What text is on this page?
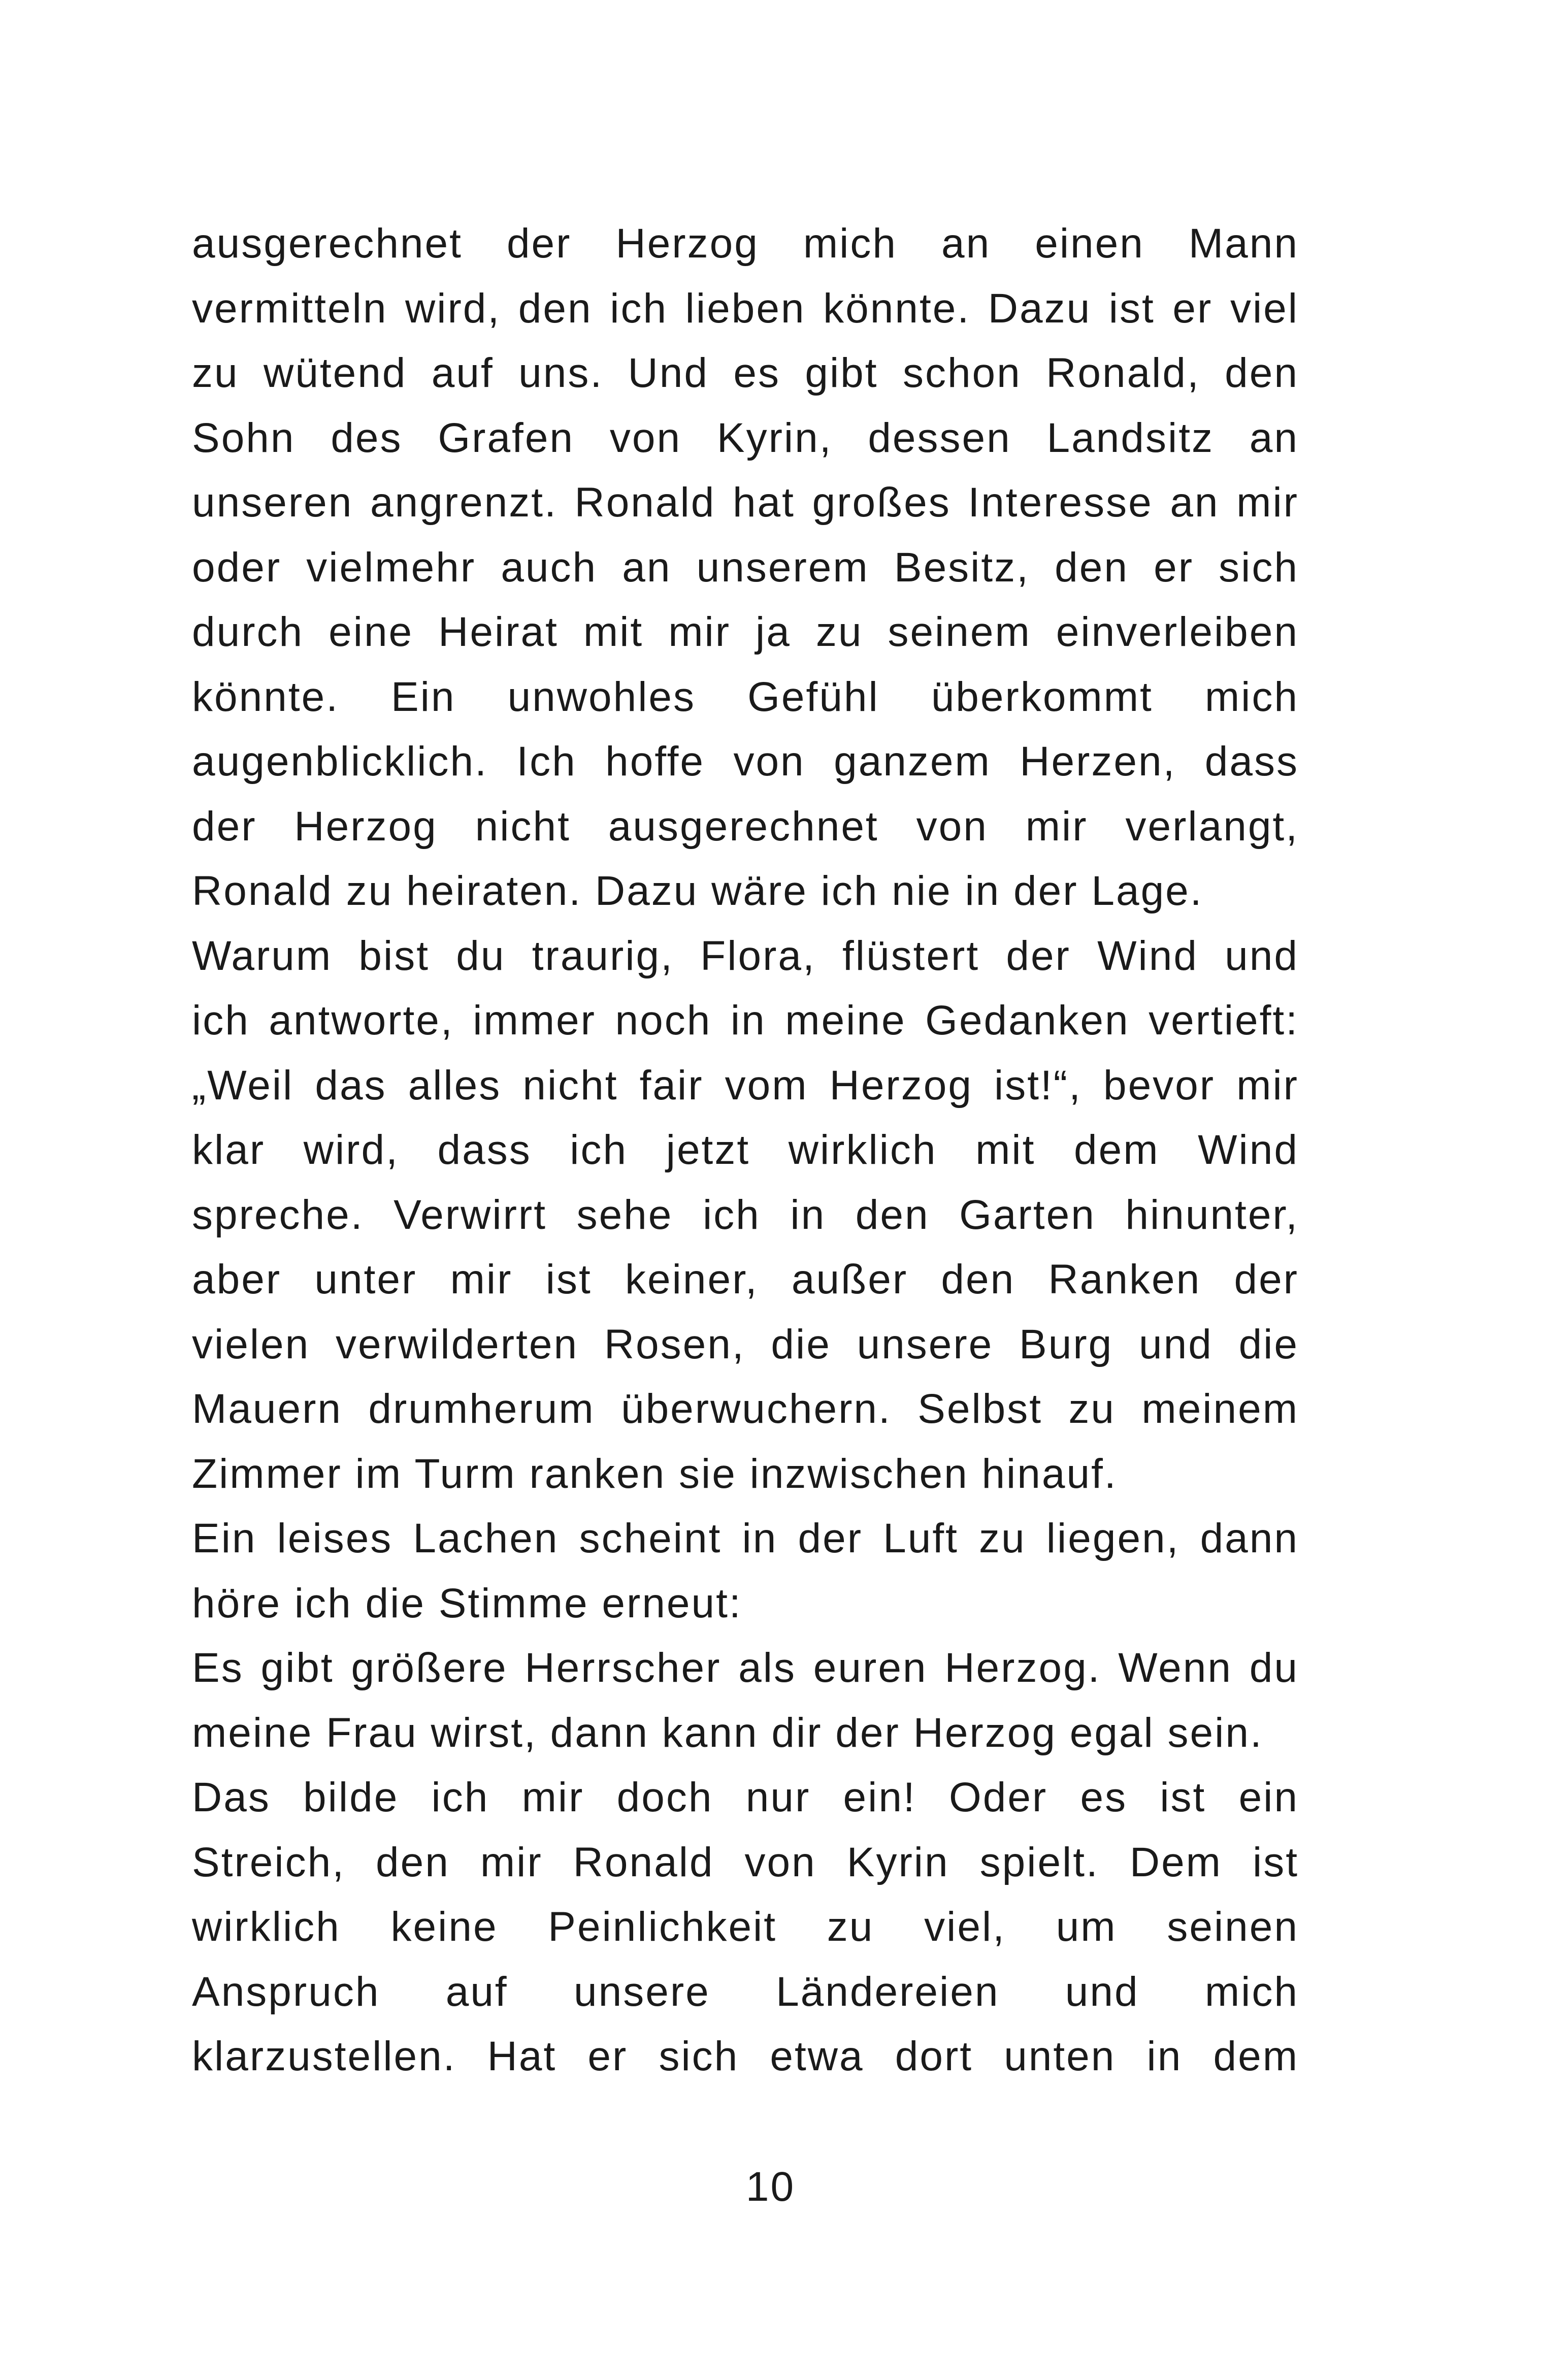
ausgerechnet der Herzog mich an einen Mann
vermitteln wird, den ich lieben könnte. Dazu ist er viel
zu wütend auf uns. Und es gibt schon Ronald, den
Sohn des Grafen von Kyrin, dessen Landsitz an
unseren angrenzt. Ronald hat großes Interesse an mir
oder vielmehr auch an unserem Besitz, den er sich
durch eine Heirat mit mir ja zu seinem einverleiben
könnte. Ein unwohles Gefühl überkommt mich
augenblicklich. Ich hoffe von ganzem Herzen, dass
der Herzog nicht ausgerechnet von mir verlangt,
Ronald zu heiraten. Dazu wäre ich nie in der Lage.
Warum bist du traurig, Flora, flüstert der Wind und
ich antworte, immer noch in meine Gedanken vertieft:
„Weil das alles nicht fair vom Herzog ist!“, bevor mir
klar wird, dass ich jetzt wirklich mit dem Wind
spreche. Verwirrt sehe ich in den Garten hinunter,
aber unter mir ist keiner, außer den Ranken der
vielen verwilderten Rosen, die unsere Burg und die
Mauern drumherum überwuchern. Selbst zu meinem
Zimmer im Turm ranken sie inzwischen hinauf.
Ein leises Lachen scheint in der Luft zu liegen, dann
höre ich die Stimme erneut:
Es gibt größere Herrscher als euren Herzog. Wenn du
meine Frau wirst, dann kann dir der Herzog egal sein.
Das bilde ich mir doch nur ein! Oder es ist ein
Streich, den mir Ronald von Kyrin spielt. Dem ist
wirklich keine Peinlichkeit zu viel, um seinen
Anspruch auf unsere Ländereien und mich
klarzustellen. Hat er sich etwa dort unten in dem
10
